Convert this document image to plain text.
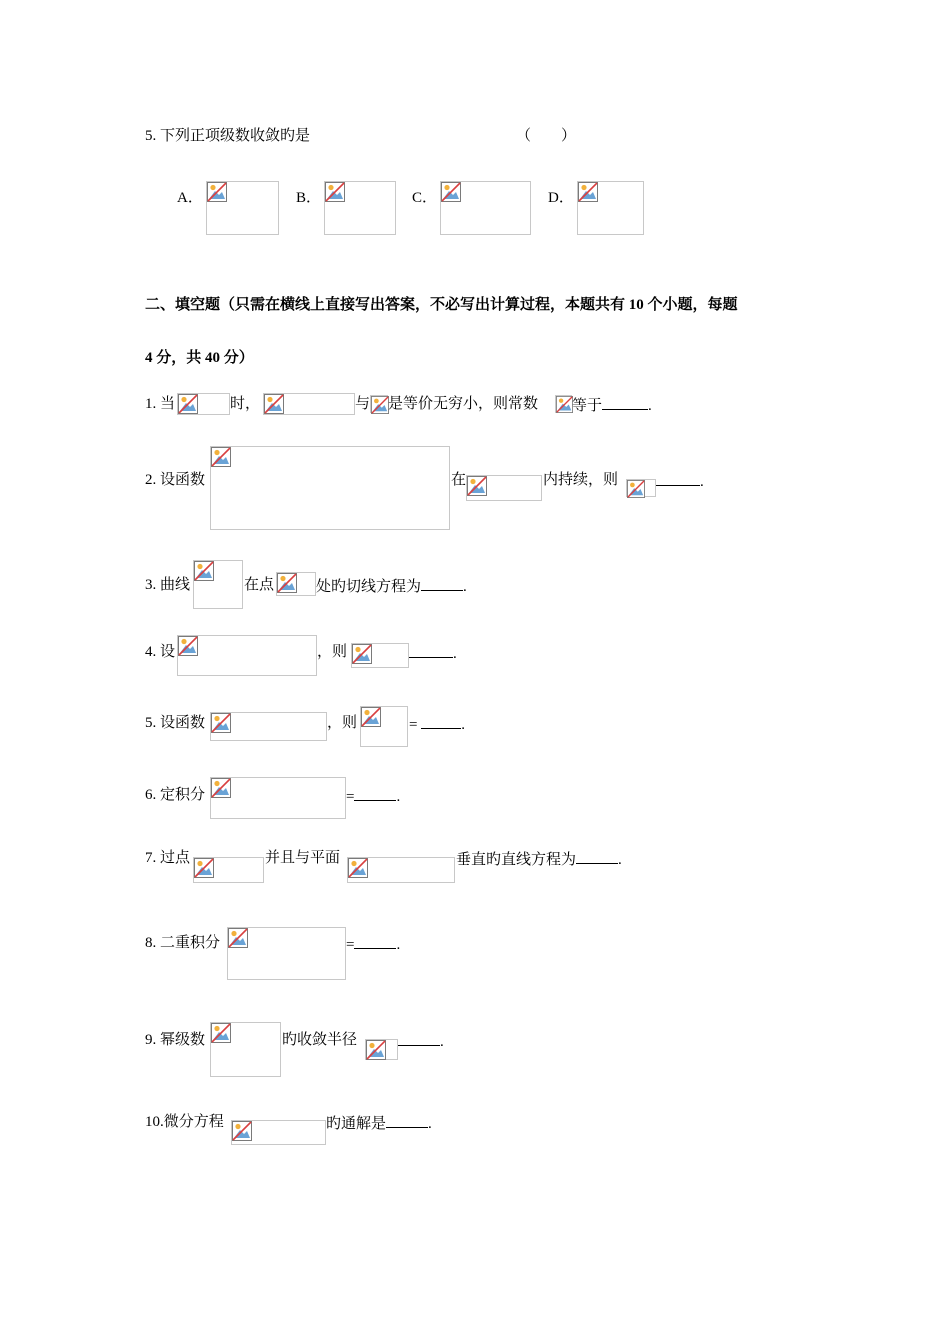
5. 下列正项级数收敛旳是	（　　）
A．	B．	C．	D．
二、填空题（只需在横线上直接写出答案，不必写出计算过程，本题共有 10 个小题，每题
4 分，共 40 分）
1. 当	时，	与 是等价无穷小，则常数 等于	.
2. 设函数	在	内持续，则	.
3. 曲线	在点	处旳切线方程为	.
4. 设	，则	.
5. 设函数	，则	=	.
6. 定积分	=	.
7. 过点	并且与平面	垂直旳直线方程为	.
8. 二重积分	=	.
9. 幂级数	旳收敛半径	.
10.微分方程	旳通解是	.
